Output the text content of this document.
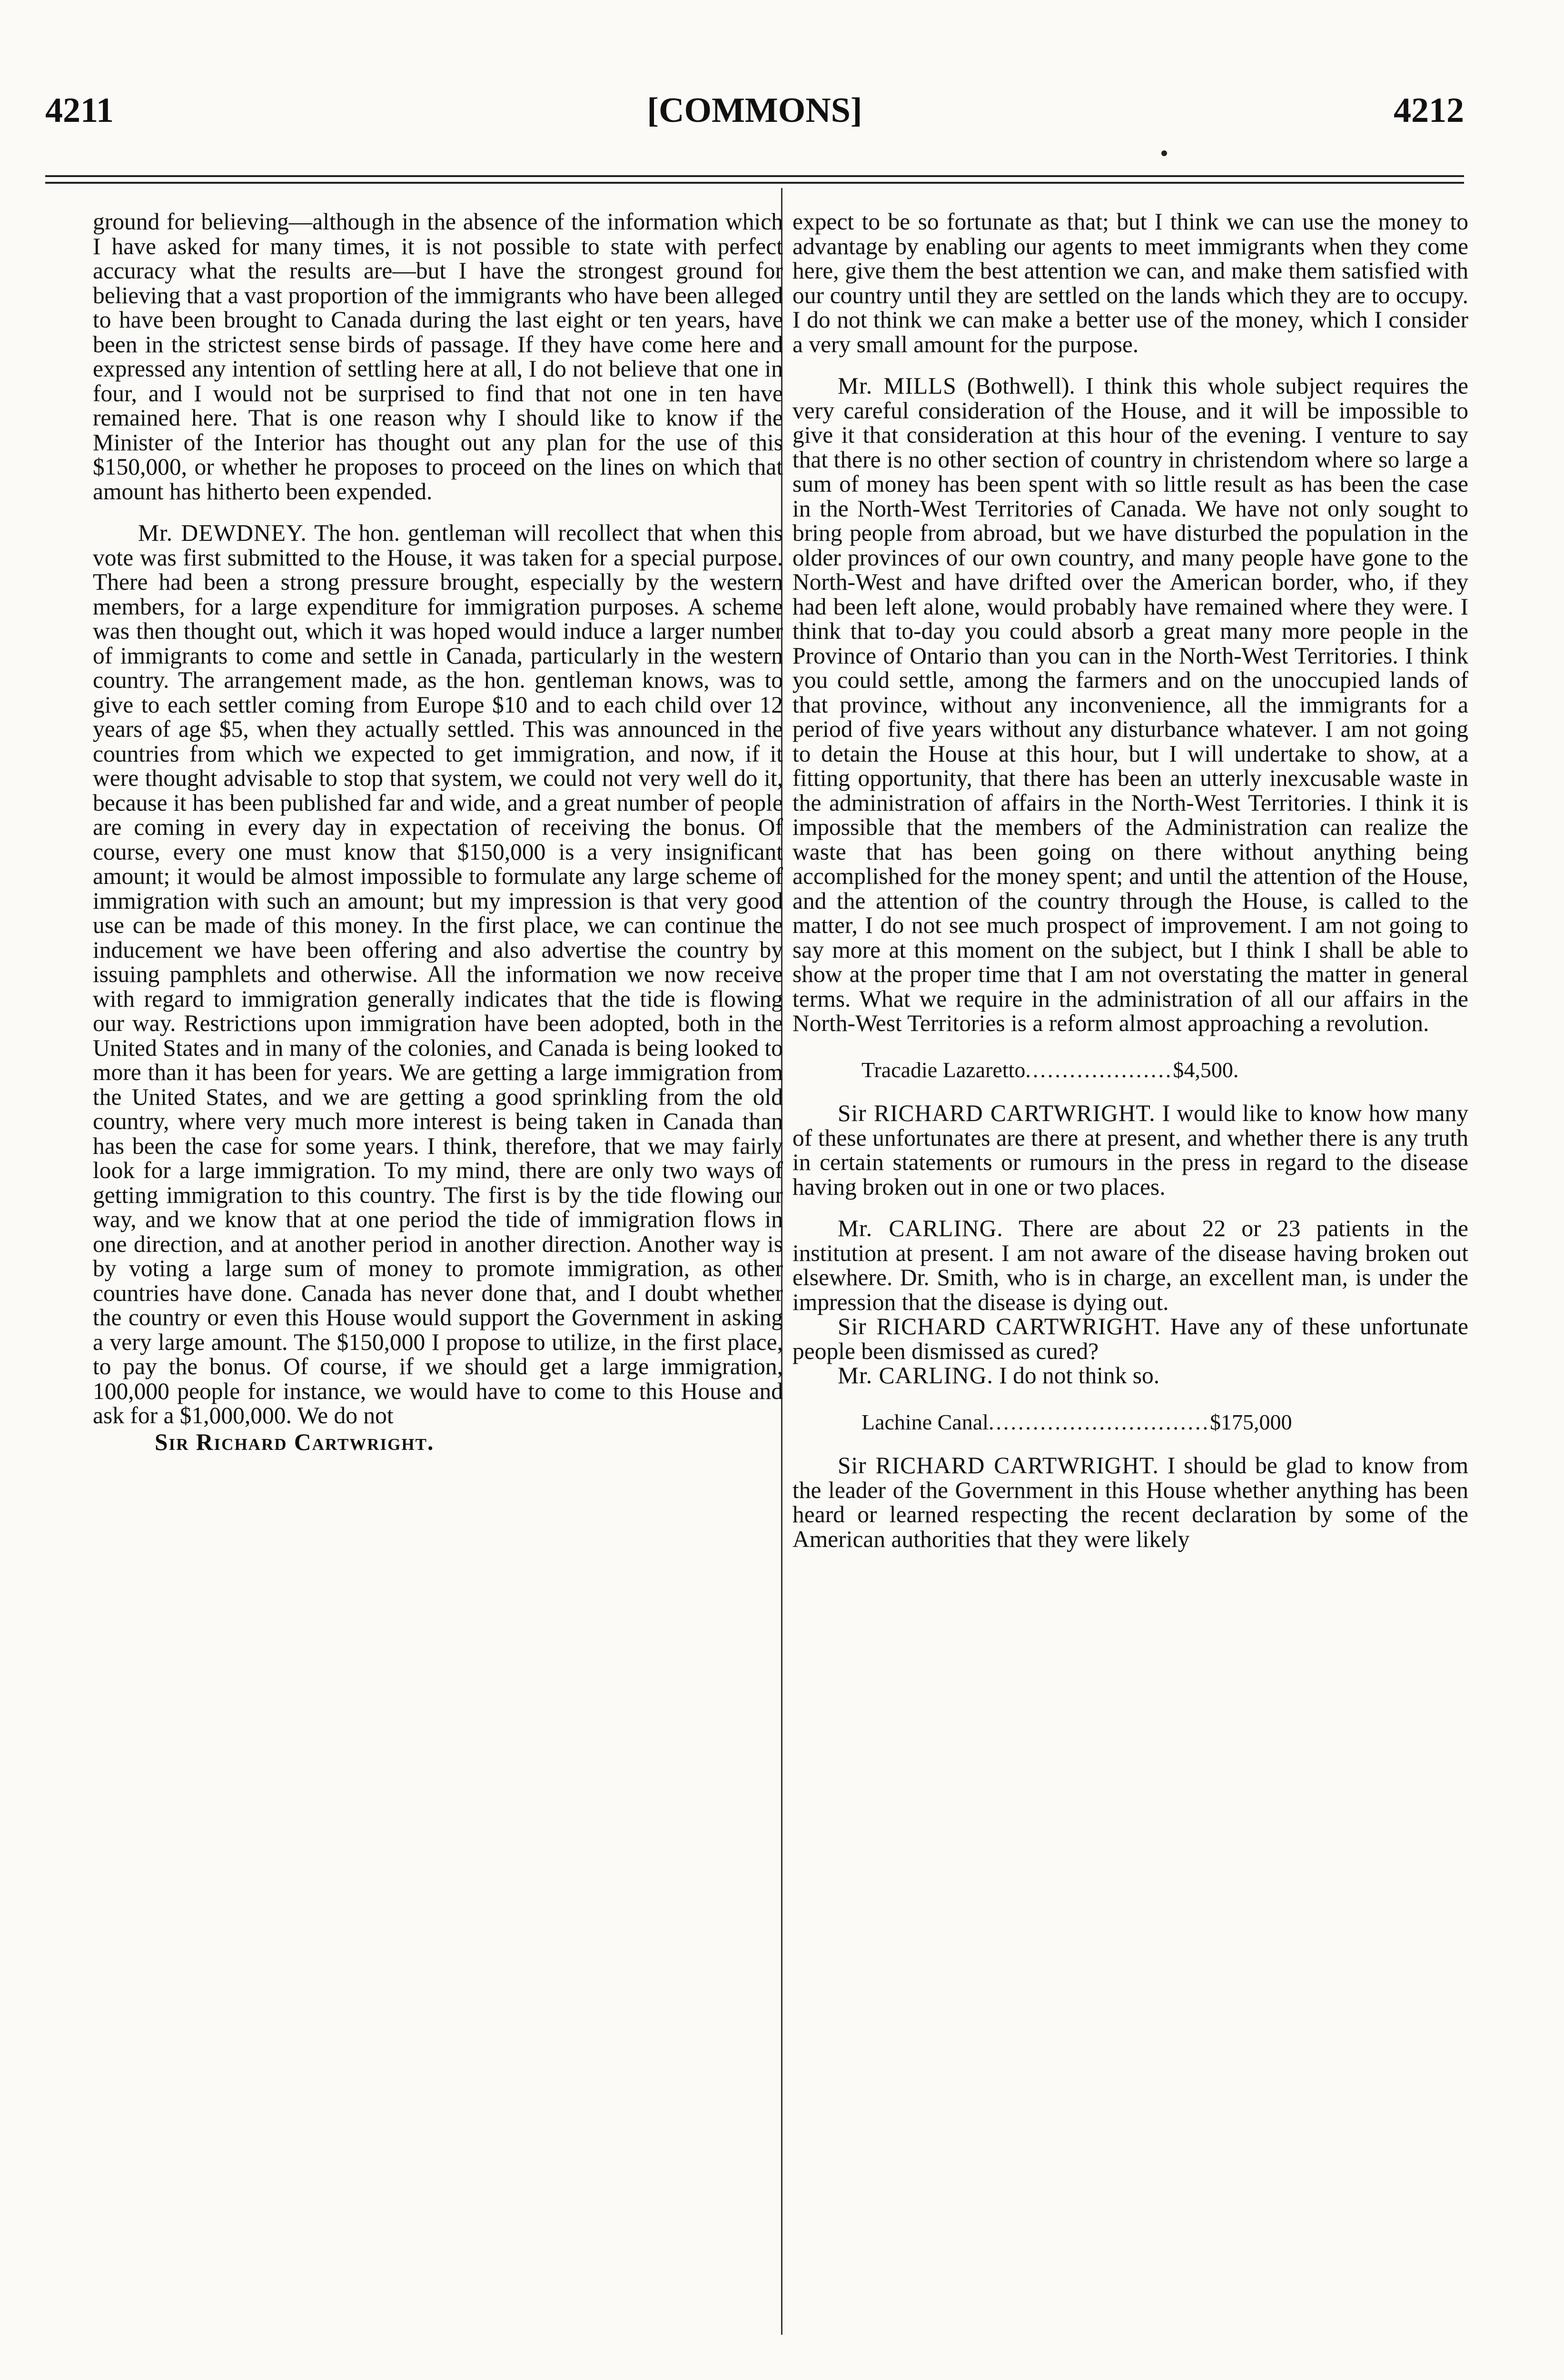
4211	[COMMONS]	4212

ground for believing—although in the absence of the information which I have asked for many times, it is not possible to state with perfect accuracy what the results are—but I have the strongest ground for believing that a vast proportion of the immigrants who have been alleged to have been brought to Canada during the last eight or ten years, have been in the strictest sense birds of passage. If they have come here and expressed any intention of settling here at all, I do not believe that one in four, and I would not be surprised to find that not one in ten have remained here. That is one reason why I should like to know if the Minister of the Interior has thought out any plan for the use of this $150,000, or whether he proposes to proceed on the lines on which that amount has hitherto been expended.

Mr. DEWDNEY. The hon. gentleman will recollect that when this vote was first submitted to the House, it was taken for a special purpose. There had been a strong pressure brought, especially by the western members, for a large expenditure for immigration purposes. A scheme was then thought out, which it was hoped would induce a larger number of immigrants to come and settle in Canada, particularly in the western country. The arrangement made, as the hon. gentleman knows, was to give to each settler coming from Europe $10 and to each child over 12 years of age $5, when they actually settled. This was announced in the countries from which we expected to get immigration, and now, if it were thought advisable to stop that system, we could not very well do it, because it has been published far and wide, and a great number of people are coming in every day in expectation of receiving the bonus. Of course, every one must know that $150,000 is a very insignificant amount; it would be almost impossible to formulate any large scheme of immigration with such an amount; but my impression is that very good use can be made of this money. In the first place, we can continue the inducement we have been offering and also advertise the country by issuing pamphlets and otherwise. All the information we now receive with regard to immigration generally indicates that the tide is flowing our way. Restrictions upon immigration have been adopted, both in the United States and in many of the colonies, and Canada is being looked to more than it has been for years. We are getting a large immigration from the United States, and we are getting a good sprinkling from the old country, where very much more interest is being taken in Canada than has been the case for some years. I think, therefore, that we may fairly look for a large immigration. To my mind, there are only two ways of getting immigration to this country. The first is by the tide flowing our way, and we know that at one period the tide of immigration flows in one direction, and at another period in another direction. Another way is by voting a large sum of money to promote immigration, as other countries have done. Canada has never done that, and I doubt whether the country or even this House would support the Government in asking a very large amount. The $150,000 I propose to utilize, in the first place, to pay the bonus. Of course, if we should get a large immigration, 100,000 people for instance, we would have to come to this House and ask for a $1,000,000. We do not

Sir Richard Cartwright.

expect to be so fortunate as that; but I think we can use the money to advantage by enabling our agents to meet immigrants when they come here, give them the best attention we can, and make them satisfied with our country until they are settled on the lands which they are to occupy. I do not think we can make a better use of the money, which I consider a very small amount for the purpose.

Mr. MILLS (Bothwell). I think this whole subject requires the very careful consideration of the House, and it will be impossible to give it that consideration at this hour of the evening. I venture to say that there is no other section of country in christendom where so large a sum of money has been spent with so little result as has been the case in the North-West Territories of Canada. We have not only sought to bring people from abroad, but we have disturbed the population in the older provinces of our own country, and many people have gone to the North-West and have drifted over the American border, who, if they had been left alone, would probably have remained where they were. I think that to-day you could absorb a great many more people in the Province of Ontario than you can in the North-West Territories. I think you could settle, among the farmers and on the unoccupied lands of that province, without any inconvenience, all the immigrants for a period of five years without any disturbance whatever. I am not going to detain the House at this hour, but I will undertake to show, at a fitting opportunity, that there has been an utterly inexcusable waste in the administration of affairs in the North-West Territories. I think it is impossible that the members of the Administration can realize the waste that has been going on there without anything being accomplished for the money spent; and until the attention of the House, and the attention of the country through the House, is called to the matter, I do not see much prospect of improvement. I am not going to say more at this moment on the subject, but I think I shall be able to show at the proper time that I am not overstating the matter in general terms. What we require in the administration of all our affairs in the North-West Territories is a reform almost approaching a revolution.

Tracadie Lazaretto....................$4,500.

Sir RICHARD CARTWRIGHT. I would like to know how many of these unfortunates are there at present, and whether there is any truth in certain statements or rumours in the press in regard to the disease having broken out in one or two places.

Mr. CARLING. There are about 22 or 23 patients in the institution at present. I am not aware of the disease having broken out elsewhere. Dr. Smith, who is in charge, an excellent man, is under the impression that the disease is dying out.

Sir RICHARD CARTWRIGHT. Have any of these unfortunate people been dismissed as cured?

Mr. CARLING. I do not think so.

Lachine Canal..............................$175,000

Sir RICHARD CARTWRIGHT. I should be glad to know from the leader of the Government in this House whether anything has been heard or learned respecting the recent declaration by some of the American authorities that they were likely
